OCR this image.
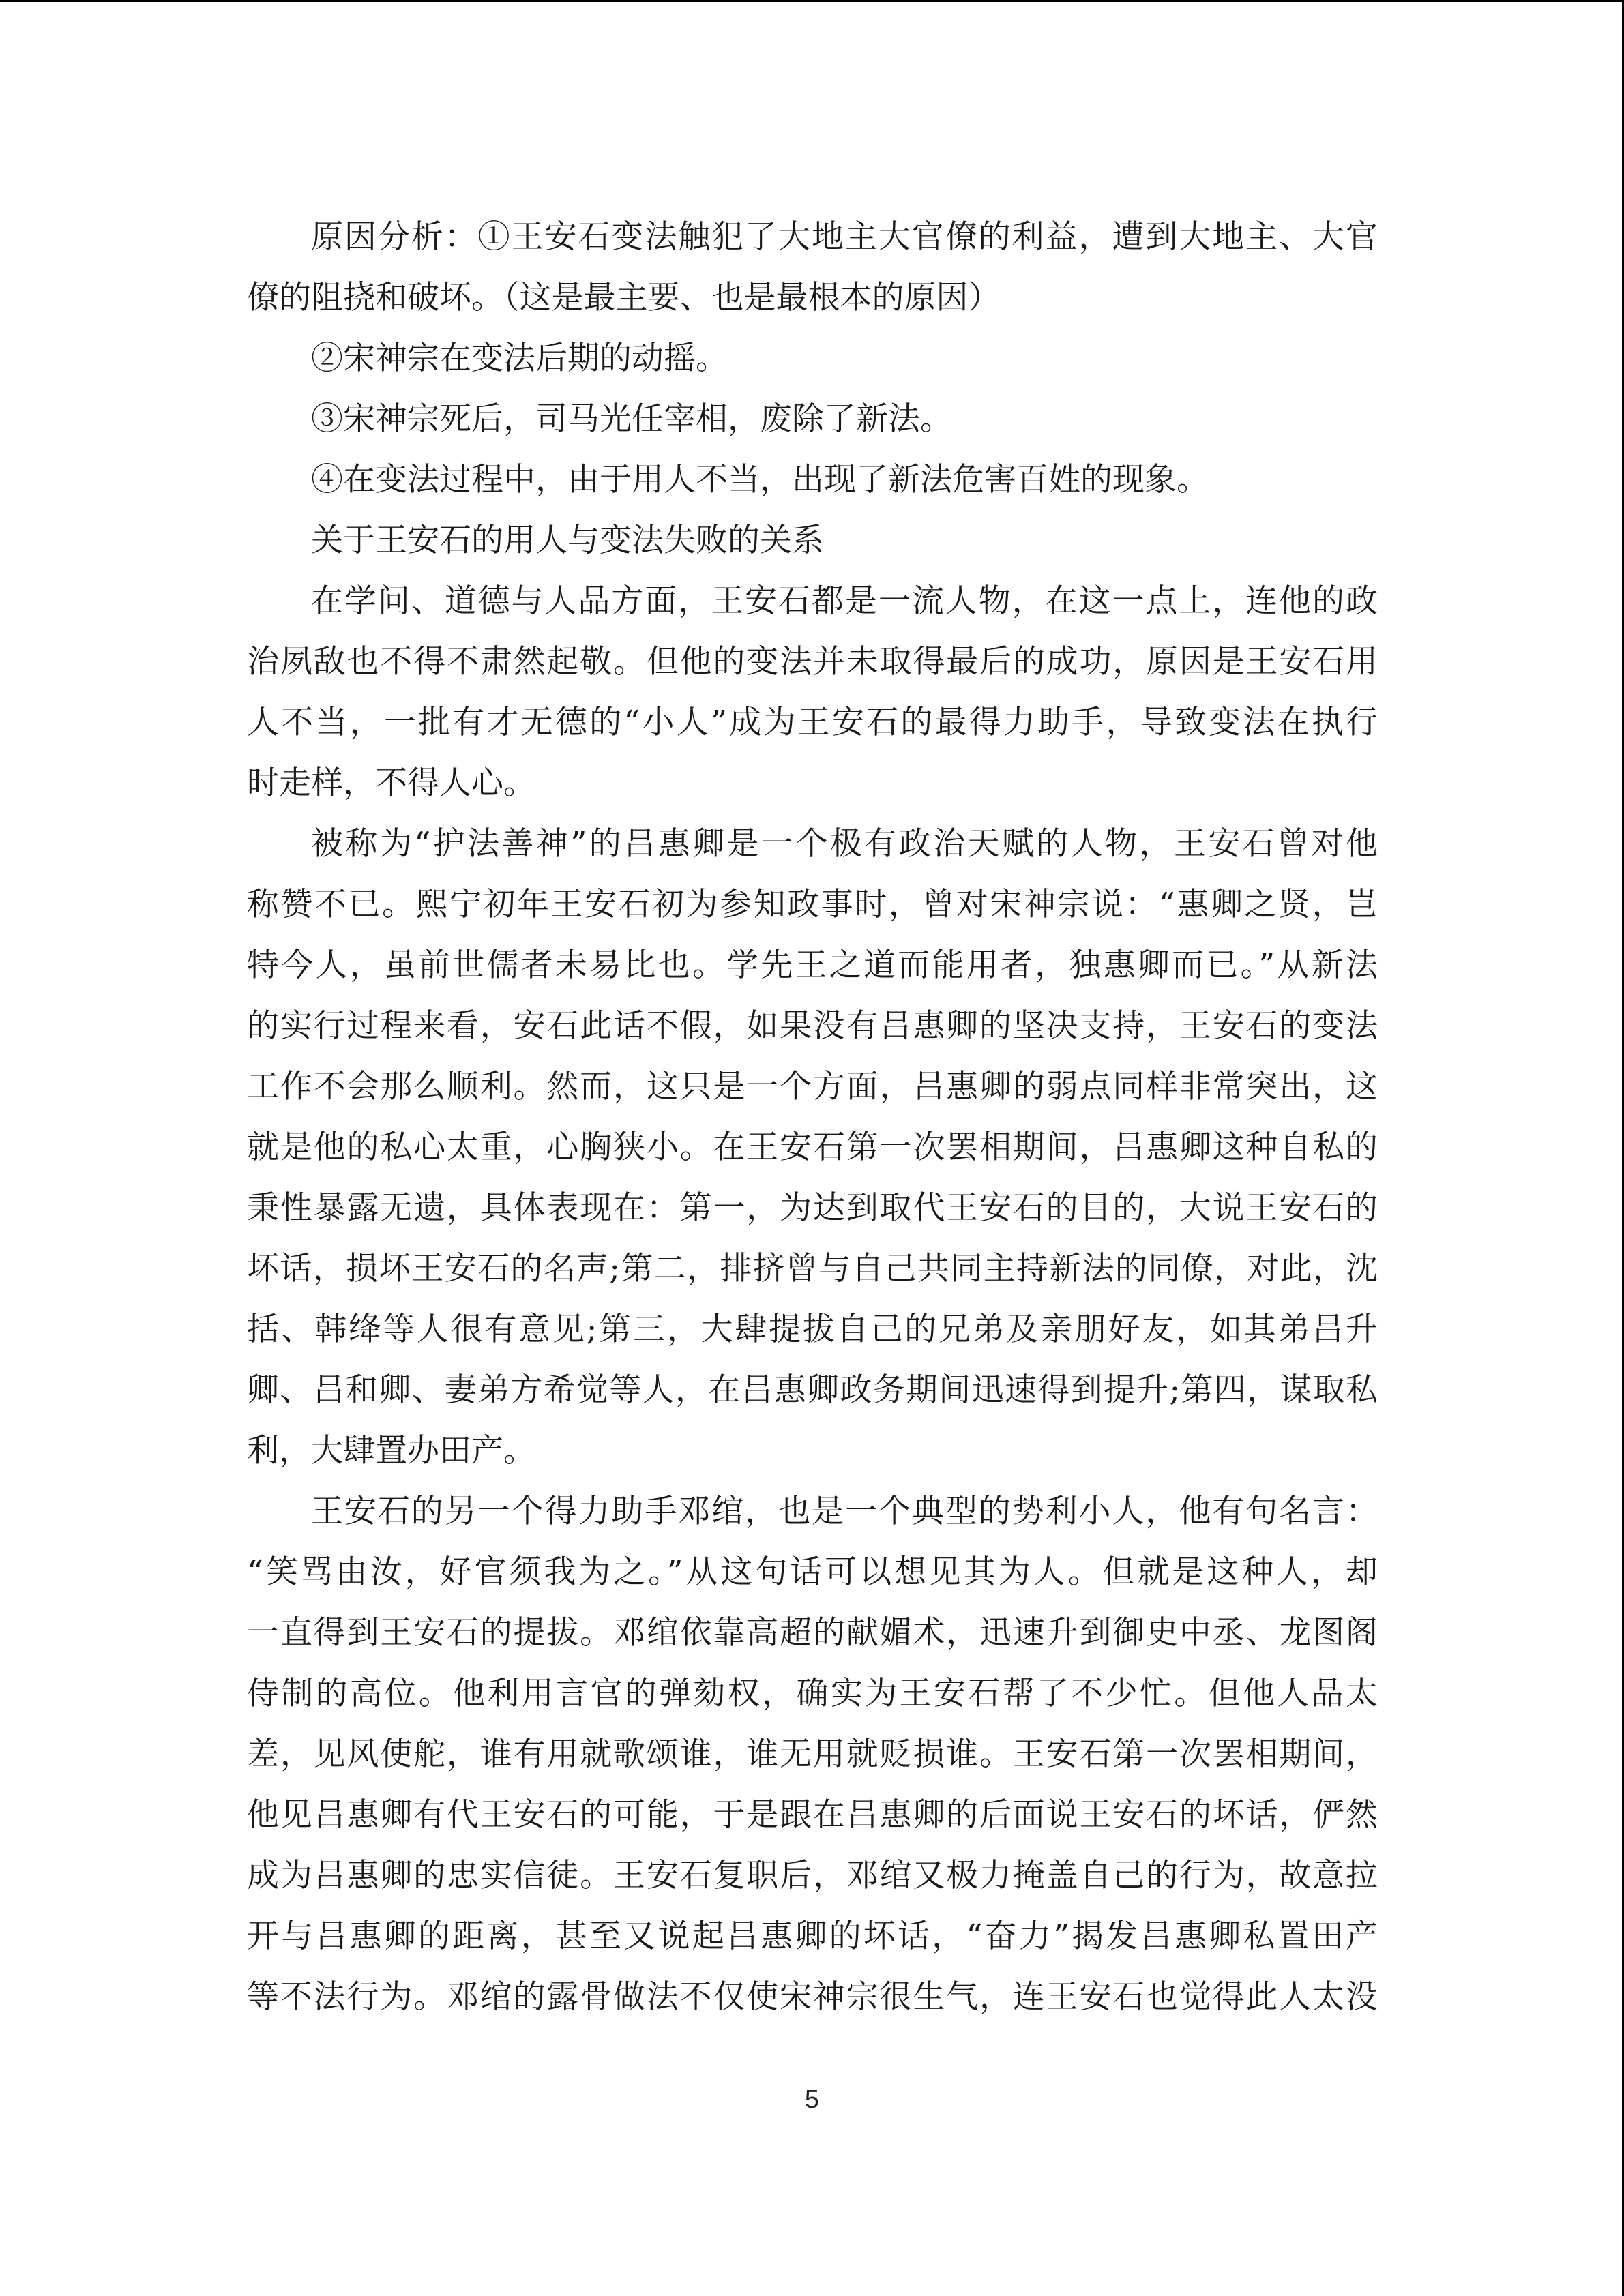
原因分析：①王安石变法触犯了大地主大官僚的利益，遭到大地主、大官
僚的阻挠和破坏。（这是最主要、也是最根本的原因）
②宋神宗在变法后期的动摇。
③宋神宗死后，司马光任宰相，废除了新法。
④在变法过程中，由于用人不当，出现了新法危害百姓的现象。
关于王安石的用人与变法失败的关系
在学问、道德与人品方面，王安石都是一流人物，在这一点上，连他的政
治夙敌也不得不肃然起敬。但他的变法并未取得最后的成功，原因是王安石用
人不当，一批有才无德的“小人”成为王安石的最得力助手，导致变法在执行
时走样，不得人心。
被称为“护法善神”的吕惠卿是一个极有政治天赋的人物，王安石曾对他
称赞不已。熙宁初年王安石初为参知政事时，曾对宋神宗说：“惠卿之贤，岂
特今人，虽前世儒者未易比也。学先王之道而能用者，独惠卿而已。”从新法
的实行过程来看，安石此话不假，如果没有吕惠卿的坚决支持，王安石的变法
工作不会那么顺利。然而，这只是一个方面，吕惠卿的弱点同样非常突出，这
就是他的私心太重，心胸狭小。在王安石第一次罢相期间，吕惠卿这种自私的
秉性暴露无遗，具体表现在：第一，为达到取代王安石的目的，大说王安石的
坏话，损坏王安石的名声;第二，排挤曾与自己共同主持新法的同僚，对此，沈
括、韩绛等人很有意见;第三，大肆提拔自己的兄弟及亲朋好友，如其弟吕升
卿、吕和卿、妻弟方希觉等人，在吕惠卿政务期间迅速得到提升;第四，谋取私
利，大肆置办田产。
王安石的另一个得力助手邓绾，也是一个典型的势利小人，他有句名言：
“笑骂由汝，好官须我为之。”从这句话可以想见其为人。但就是这种人，却
一直得到王安石的提拔。邓绾依靠高超的献媚术，迅速升到御史中丞、龙图阁
侍制的高位。他利用言官的弹劾权，确实为王安石帮了不少忙。但他人品太
差，见风使舵，谁有用就歌颂谁，谁无用就贬损谁。王安石第一次罢相期间，
他见吕惠卿有代王安石的可能，于是跟在吕惠卿的后面说王安石的坏话，俨然
成为吕惠卿的忠实信徒。王安石复职后，邓绾又极力掩盖自己的行为，故意拉
开与吕惠卿的距离，甚至又说起吕惠卿的坏话，“奋力”揭发吕惠卿私置田产
等不法行为。邓绾的露骨做法不仅使宋神宗很生气，连王安石也觉得此人太没
5
